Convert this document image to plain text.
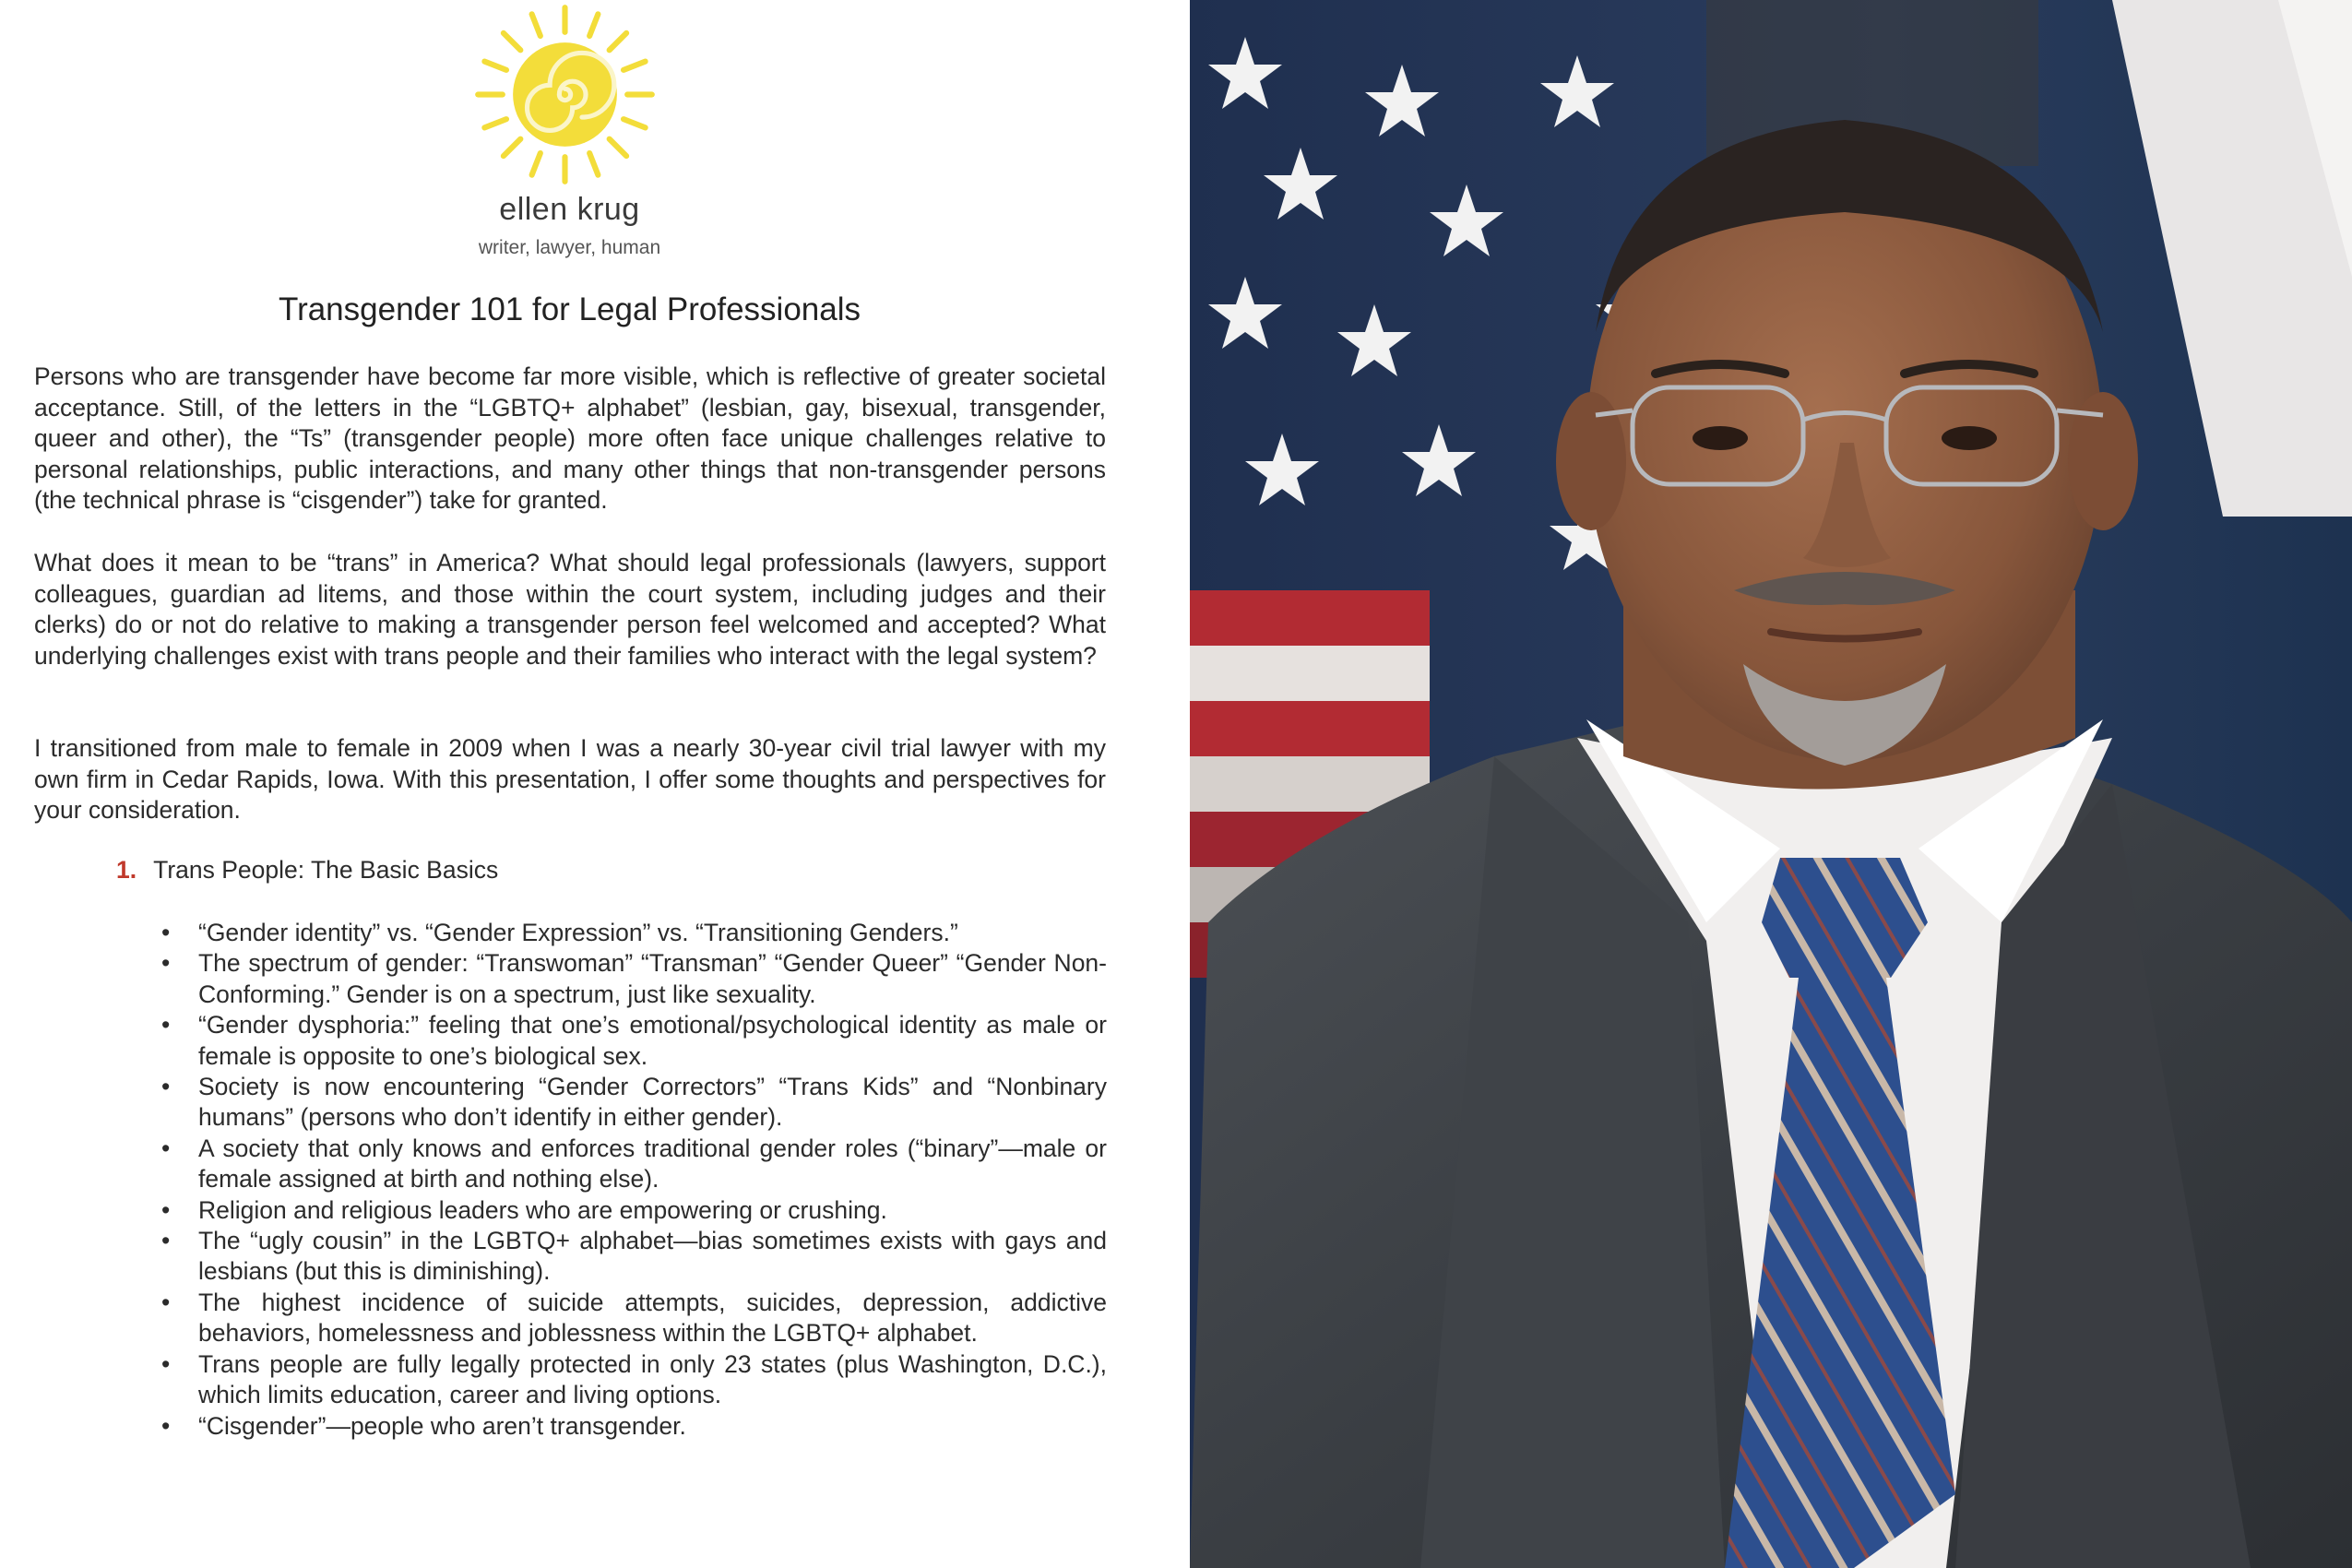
ellen krug
writer, lawyer, human
Transgender 101 for Legal Professionals

Persons who are transgender have become far more visible, which is reflective of greater societal acceptance. Still, of the letters in the “LGBTQ+ alphabet” (lesbian, gay, bisexual, transgender, queer and other), the “Ts” (transgender people) more often face unique challenges relative to personal relationships, public interactions, and many other things that non-transgender persons (the technical phrase is “cisgender”) take for granted.

What does it mean to be “trans” in America? What should legal professionals (lawyers, support colleagues, guardian ad litems, and those within the court system, including judges and their clerks) do or not do relative to making a transgender person feel welcomed and accepted? What underlying challenges exist with trans people and their families who interact with the legal system?

I transitioned from male to female in 2009 when I was a nearly 30-year civil trial lawyer with my own firm in Cedar Rapids, Iowa. With this presentation, I offer some thoughts and perspectives for your consideration.

1. Trans People: The Basic Basics
• “Gender identity” vs. “Gender Expression” vs. “Transitioning Genders.”
• The spectrum of gender: “Transwoman” “Transman” “Gender Queer” “Gender Non-Conforming.” Gender is on a spectrum, just like sexuality.
• “Gender dysphoria:” feeling that one’s emotional/psychological identity as male or female is opposite to one’s biological sex.
• Society is now encountering “Gender Correctors” “Trans Kids” and “Nonbinary humans” (persons who don’t identify in either gender).
• A society that only knows and enforces traditional gender roles (“binary”—male or female assigned at birth and nothing else).
• Religion and religious leaders who are empowering or crushing.
• The “ugly cousin” in the LGBTQ+ alphabet—bias sometimes exists with gays and lesbians (but this is diminishing).
• The highest incidence of suicide attempts, suicides, depression, addictive behaviors, homelessness and joblessness within the LGBTQ+ alphabet.
• Trans people are fully legally protected in only 23 states (plus Washington, D.C.), which limits education, career and living options.
• “Cisgender”—people who aren’t transgender.
